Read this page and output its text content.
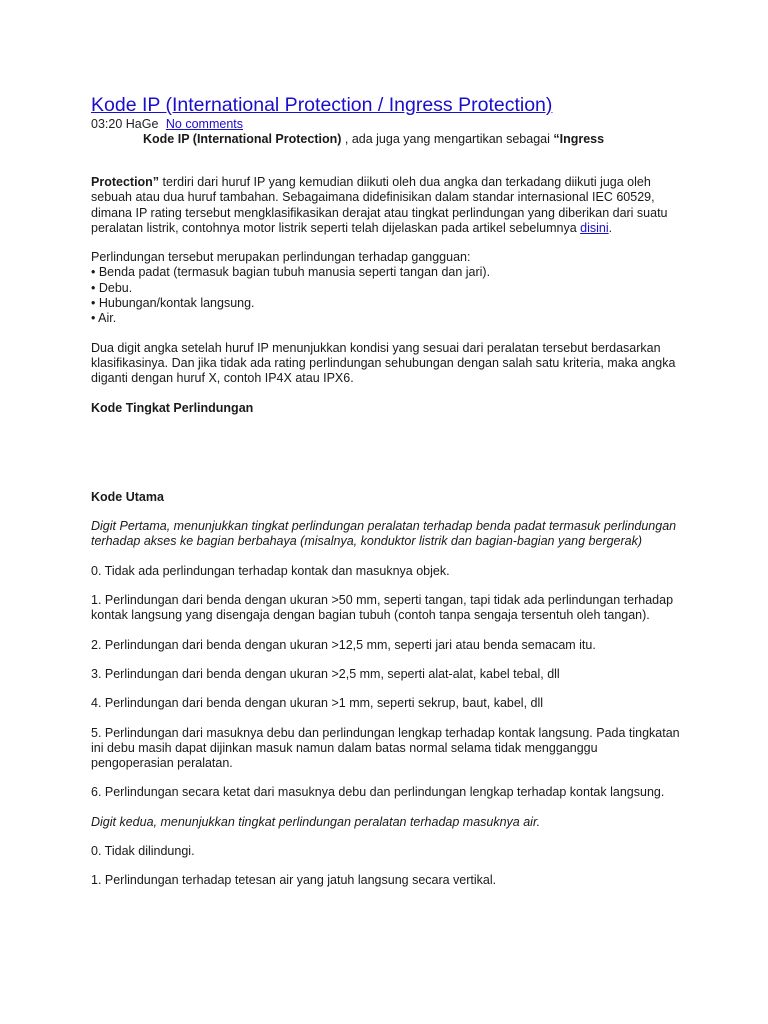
Kode IP (International Protection / Ingress Protection)
03:20 HaGe No comments
Kode IP (International Protection) , ada juga yang mengartikan sebagai “Ingress

Protection” terdiri dari huruf IP yang kemudian diikuti oleh dua angka dan terkadang diikuti juga oleh sebuah atau dua huruf tambahan. Sebagaimana didefinisikan dalam standar internasional IEC 60529, dimana IP rating tersebut mengklasifikasikan derajat atau tingkat perlindungan yang diberikan dari suatu peralatan listrik, contohnya motor listrik seperti telah dijelaskan pada artikel sebelumnya disini.

Perlindungan tersebut merupakan perlindungan terhadap gangguan:
• Benda padat (termasuk bagian tubuh manusia seperti tangan dan jari).
• Debu.
• Hubungan/kontak langsung.
• Air.

Dua digit angka setelah huruf IP menunjukkan kondisi yang sesuai dari peralatan tersebut berdasarkan klasifikasinya. Dan jika tidak ada rating perlindungan sehubungan dengan salah satu kriteria, maka angka diganti dengan huruf X, contoh IP4X atau IPX6.

Kode Tingkat Perlindungan

Kode Utama

Digit Pertama, menunjukkan tingkat perlindungan peralatan terhadap benda padat termasuk perlindungan terhadap akses ke bagian berbahaya (misalnya, konduktor listrik dan bagian-bagian yang bergerak)

0. Tidak ada perlindungan terhadap kontak dan masuknya objek.

1. Perlindungan dari benda dengan ukuran >50 mm, seperti tangan, tapi tidak ada perlindungan terhadap kontak langsung yang disengaja dengan bagian tubuh (contoh tanpa sengaja tersentuh oleh tangan).

2. Perlindungan dari benda dengan ukuran >12,5 mm, seperti jari atau benda semacam itu.

3. Perlindungan dari benda dengan ukuran >2,5 mm, seperti alat-alat, kabel tebal, dll

4. Perlindungan dari benda dengan ukuran >1 mm, seperti sekrup, baut, kabel, dll

5. Perlindungan dari masuknya debu dan perlindungan lengkap terhadap kontak langsung. Pada tingkatan ini debu masih dapat dijinkan masuk namun dalam batas normal selama tidak mengganggu pengoperasian peralatan.

6. Perlindungan secara ketat dari masuknya debu dan perlindungan lengkap terhadap kontak langsung.

Digit kedua, menunjukkan tingkat perlindungan peralatan terhadap masuknya air.

0. Tidak dilindungi.

1. Perlindungan terhadap tetesan air yang jatuh langsung secara vertikal.
